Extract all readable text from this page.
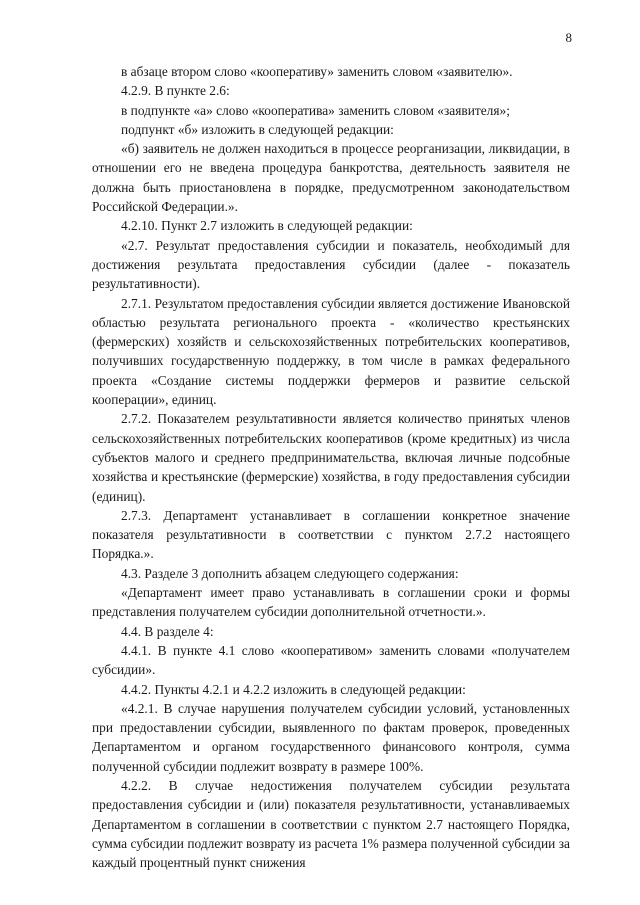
8

в абзаце втором слово «кооперативу» заменить словом «заявителю».

4.2.9. В пункте 2.6:

в подпункте «а» слово «кооператива» заменить словом «заявителя»;

подпункт «б» изложить в следующей редакции:

«б) заявитель не должен находиться в процессе реорганизации, ликвидации, в отношении его не введена процедура банкротства, деятельность заявителя не должна быть приостановлена в порядке, предусмотренном законодательством Российской Федерации.».

4.2.10. Пункт 2.7 изложить в следующей редакции:

«2.7. Результат предоставления субсидии и показатель, необходимый для достижения результата предоставления субсидии (далее - показатель результативности).

2.7.1. Результатом предоставления субсидии является достижение Ивановской областью результата регионального проекта - «количество крестьянских (фермерских) хозяйств и сельскохозяйственных потребительских кооперативов, получивших государственную поддержку, в том числе в рамках федерального проекта «Создание системы поддержки фермеров и развитие сельской кооперации», единиц.

2.7.2. Показателем результативности является количество принятых членов сельскохозяйственных потребительских кооперативов (кроме кредитных) из числа субъектов малого и среднего предпринимательства, включая личные подсобные хозяйства и крестьянские (фермерские) хозяйства, в году предоставления субсидии (единиц).

2.7.3. Департамент устанавливает в соглашении конкретное значение показателя результативности в соответствии с пунктом 2.7.2 настоящего Порядка.».

4.3. Разделе 3 дополнить абзацем следующего содержания:

«Департамент имеет право устанавливать в соглашении сроки и формы представления получателем субсидии дополнительной отчетности.».

4.4. В разделе 4:

4.4.1. В пункте 4.1 слово «кооперативом» заменить словами «получателем субсидии».

4.4.2. Пункты 4.2.1 и 4.2.2 изложить в следующей редакции:

«4.2.1. В случае нарушения получателем субсидии условий, установленных при предоставлении субсидии, выявленного по фактам проверок, проведенных Департаментом и органом государственного финансового контроля, сумма полученной субсидии подлежит возврату в размере 100%.

4.2.2. В случае недостижения получателем субсидии результата предоставления субсидии и (или) показателя результативности, устанавливаемых Департаментом в соглашении в соответствии с пунктом 2.7 настоящего Порядка, сумма субсидии подлежит возврату из расчета 1% размера полученной субсидии за каждый процентный пункт снижения
